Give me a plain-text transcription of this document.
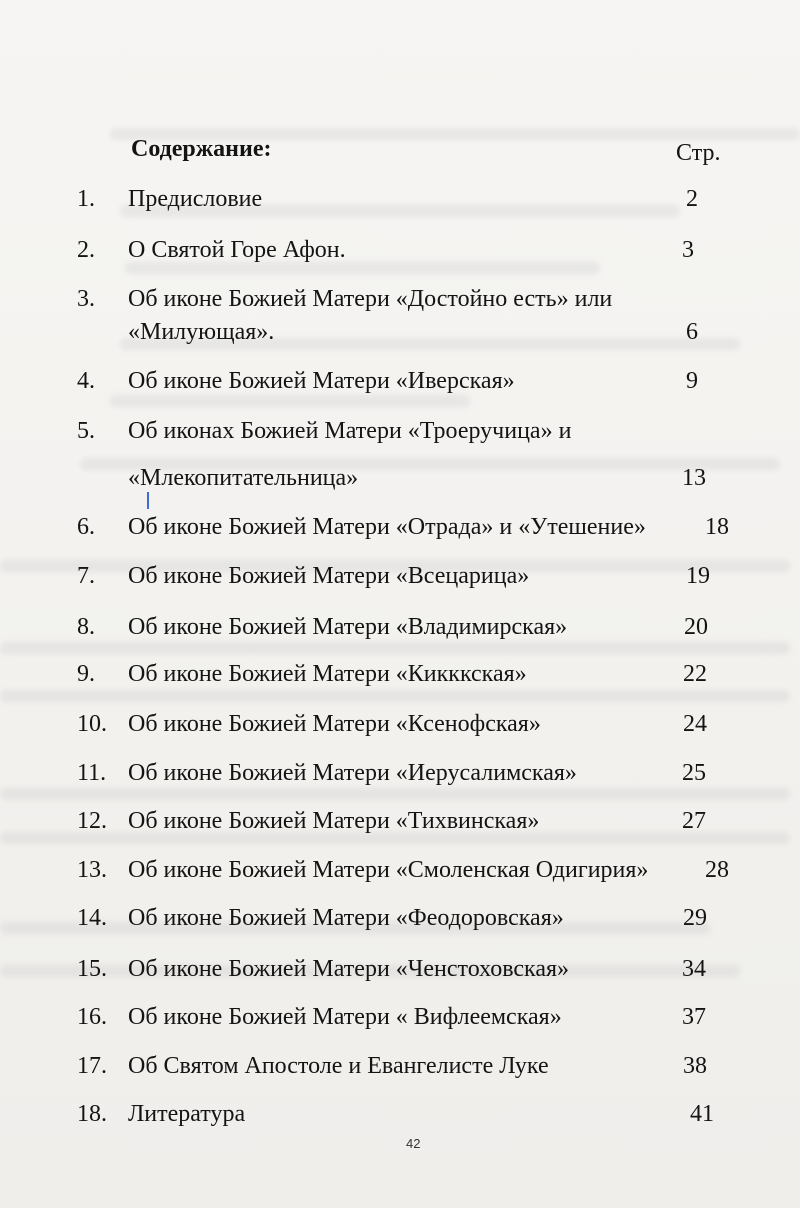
Содержание:	Стр.
1. Предисловие	2
2. О Святой Горе Афон.	3
3. Об иконе Божией Матери «Достойно есть» или
«Милующая».	6
4. Об иконе Божией Матери «Иверская»	9
5. Об иконах Божией Матери «Троеручица» и
«Млекопитательница»	13
6. Об иконе Божией Матери «Отрада» и «Утешение» 18
7. Об иконе Божией Матери «Всецарица»	19
8. Об иконе Божией Матери «Владимирская»	20
9. Об иконе Божией Матери «Кикккская»	22
10. Об иконе Божией Матери «Ксенофская»	24
11. Об иконе Божией Матери «Иерусалимская»	25
12. Об иконе Божией Матери «Тихвинская»	27
13. Об иконе Божией Матери «Смоленская Одигирия» 28
14. Об иконе Божией Матери «Феодоровская»	29
15. Об иконе Божией Матери «Ченстоховская»	34
16. Об иконе Божией Матери « Вифлеемская»	37
17. Об Святом Апостоле и Евангелисте Луке	38
18. Литература	41
42
